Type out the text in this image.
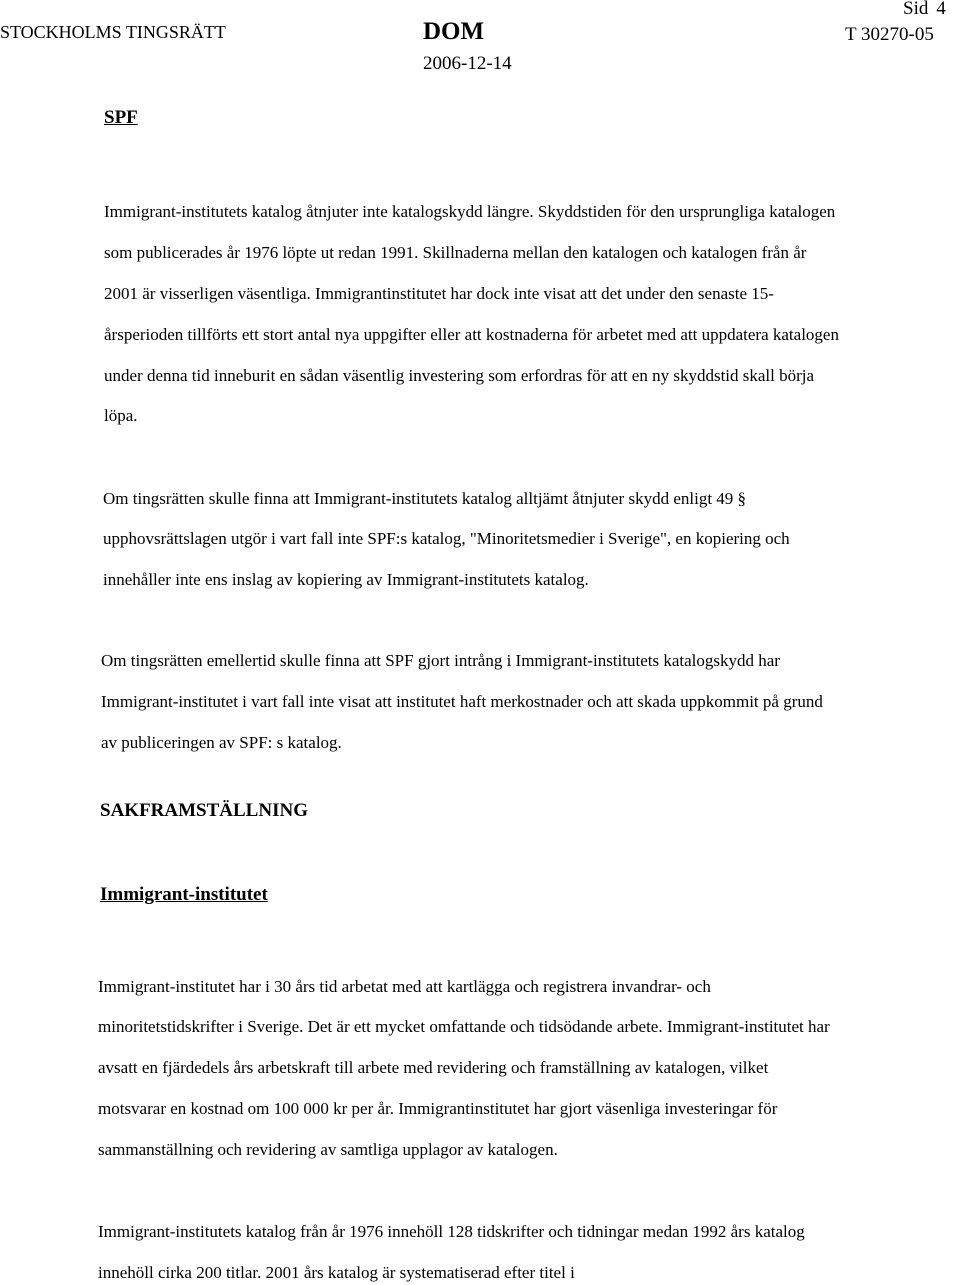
STOCKHOLMS TINGSRÄTT	DOM
2006-12-14
Sid 4
T 30270-05
SPF
Immigrant-institutets katalog åtnjuter inte katalogskydd längre. Skyddstiden för den ursprungliga katalogen
som publicerades år 1976 löpte ut redan 1991. Skillnaderna mellan den katalogen och katalogen från år
2001 är visserligen väsentliga. Immigrantinstitutet har dock inte visat att det under den senaste 15-
årsperioden tillförts ett stort antal nya uppgifter eller att kostnaderna för arbetet med att uppdatera katalogen
under denna tid inneburit en sådan väsentlig investering som erfordras för att en ny skyddstid skall börja
löpa.
Om tingsrätten skulle finna att Immigrant-institutets katalog alltjämt åtnjuter skydd enligt 49 §
upphovsrättslagen utgör i vart fall inte SPF:s katalog, "Minoritetsmedier i Sverige", en kopiering och
innehåller inte ens inslag av kopiering av Immigrant-institutets katalog.
Om tingsrätten emellertid skulle finna att SPF gjort intrång i Immigrant-institutets katalogskydd har
Immigrant-institutet i vart fall inte visat att institutet haft merkostnader och att skada uppkommit på grund
av publiceringen av SPF: s katalog.
SAKFRAMSTÄLLNING
Immigrant-institutet
Immigrant-institutet har i 30 års tid arbetat med att kartlägga och registrera invandrar- och
minoritetstidskrifter i Sverige. Det är ett mycket omfattande och tidsödande arbete. Immigrant-institutet har
avsatt en fjärdedels års arbetskraft till arbete med revidering och framställning av katalogen, vilket
motsvarar en kostnad om 100 000 kr per år. Immigrantinstitutet har gjort väsenliga investeringar för
sammanställning och revidering av samtliga upplagor av katalogen.
Immigrant-institutets katalog från år 1976 innehöll 128 tidskrifter och tidningar medan 1992 års katalog
innehöll cirka 200 titlar. 2001 års katalog är systematiserad efter titel i
